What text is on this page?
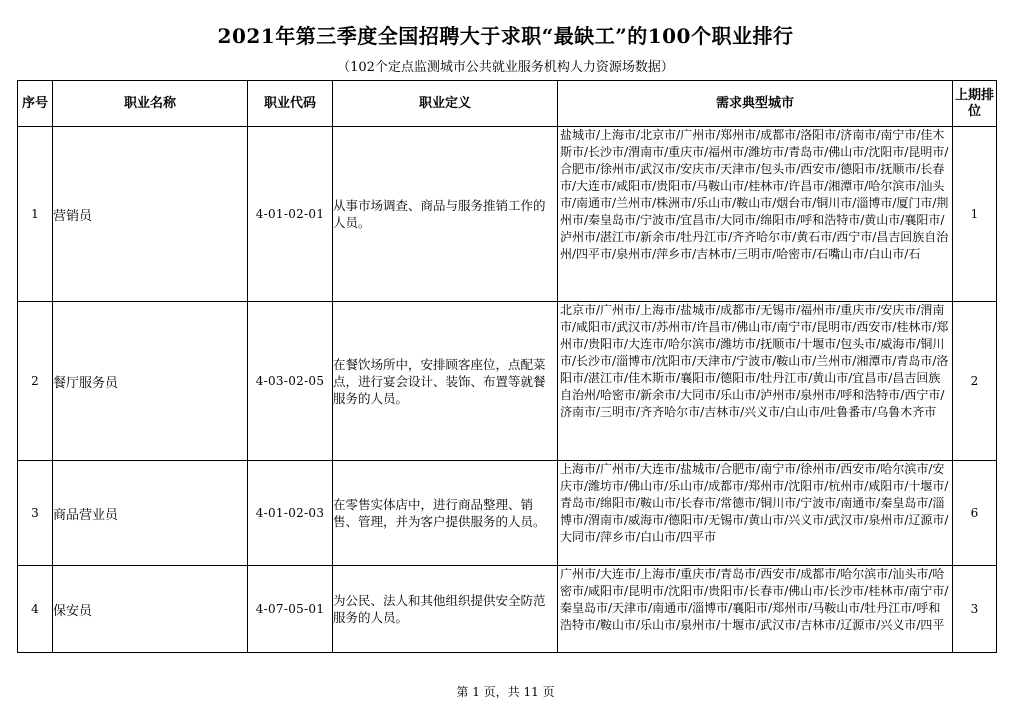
2021年第三季度全国招聘大于求职“最缺工”的100个职业排行
（102个定点监测城市公共就业服务机构人力资源场数据）
序号	职业名称	职业代码	职业定义	需求典型城市	上期排位
1	营销员	4-01-02-01	从事市场调查、商品与服务推销工作的人员。	盐城市/上海市/北京市/广州市/郑州市/成都市/洛阳市/济南市/南宁市/佳木斯市/长沙市/渭南市/重庆市/福州市/潍坊市/青岛市/佛山市/沈阳市/昆明市/合肥市/徐州市/武汉市/安庆市/天津市/包头市/西安市/德阳市/抚顺市/长春市/大连市/咸阳市/贵阳市/马鞍山市/桂林市/许昌市/湘潭市/哈尔滨市/汕头市/南通市/兰州市/株洲市/乐山市/鞍山市/烟台市/铜川市/淄博市/厦门市/荆州市/秦皇岛市/宁波市/宜昌市/大同市/绵阳市/呼和浩特市/黄山市/襄阳市/泸州市/湛江市/新余市/牡丹江市/齐齐哈尔市/黄石市/西宁市/昌吉回族自治州/四平市/泉州市/萍乡市/吉林市/三明市/哈密市/石嘴山市/白山市/石	1
2	餐厅服务员	4-03-02-05	在餐饮场所中，安排顾客座位，点配菜点，进行宴会设计、装饰、布置等就餐服务的人员。	北京市/广州市/上海市/盐城市/成都市/无锡市/福州市/重庆市/安庆市/渭南市/咸阳市/武汉市/苏州市/许昌市/佛山市/南宁市/昆明市/西安市/桂林市/郑州市/贵阳市/大连市/哈尔滨市/潍坊市/抚顺市/十堰市/包头市/威海市/铜川市/长沙市/淄博市/沈阳市/天津市/宁波市/鞍山市/兰州市/湘潭市/青岛市/洛阳市/湛江市/佳木斯市/襄阳市/德阳市/牡丹江市/黄山市/宜昌市/昌吉回族自治州/哈密市/新余市/大同市/乐山市/泸州市/泉州市/呼和浩特市/西宁市/济南市/三明市/齐齐哈尔市/吉林市/兴义市/白山市/吐鲁番市/乌鲁木齐市	2
3	商品营业员	4-01-02-03	在零售实体店中，进行商品整理、销售、管理，并为客户提供服务的人员。	上海市/广州市/大连市/盐城市/合肥市/南宁市/徐州市/西安市/哈尔滨市/安庆市/潍坊市/佛山市/乐山市/成都市/郑州市/沈阳市/杭州市/咸阳市/十堰市/青岛市/绵阳市/鞍山市/长春市/常德市/铜川市/宁波市/南通市/秦皇岛市/淄博市/渭南市/威海市/德阳市/无锡市/黄山市/兴义市/武汉市/泉州市/辽源市/大同市/萍乡市/白山市/四平市	6
4	保安员	4-07-05-01	为公民、法人和其他组织提供安全防范服务的人员。	广州市/大连市/上海市/重庆市/青岛市/西安市/成都市/哈尔滨市/汕头市/哈密市/咸阳市/昆明市/沈阳市/贵阳市/长春市/佛山市/长沙市/桂林市/南宁市/秦皇岛市/天津市/南通市/淄博市/襄阳市/郑州市/马鞍山市/牡丹江市/呼和浩特市/鞍山市/乐山市/泉州市/十堰市/武汉市/吉林市/辽源市/兴义市/四平	3
第 1 页，共 11 页
